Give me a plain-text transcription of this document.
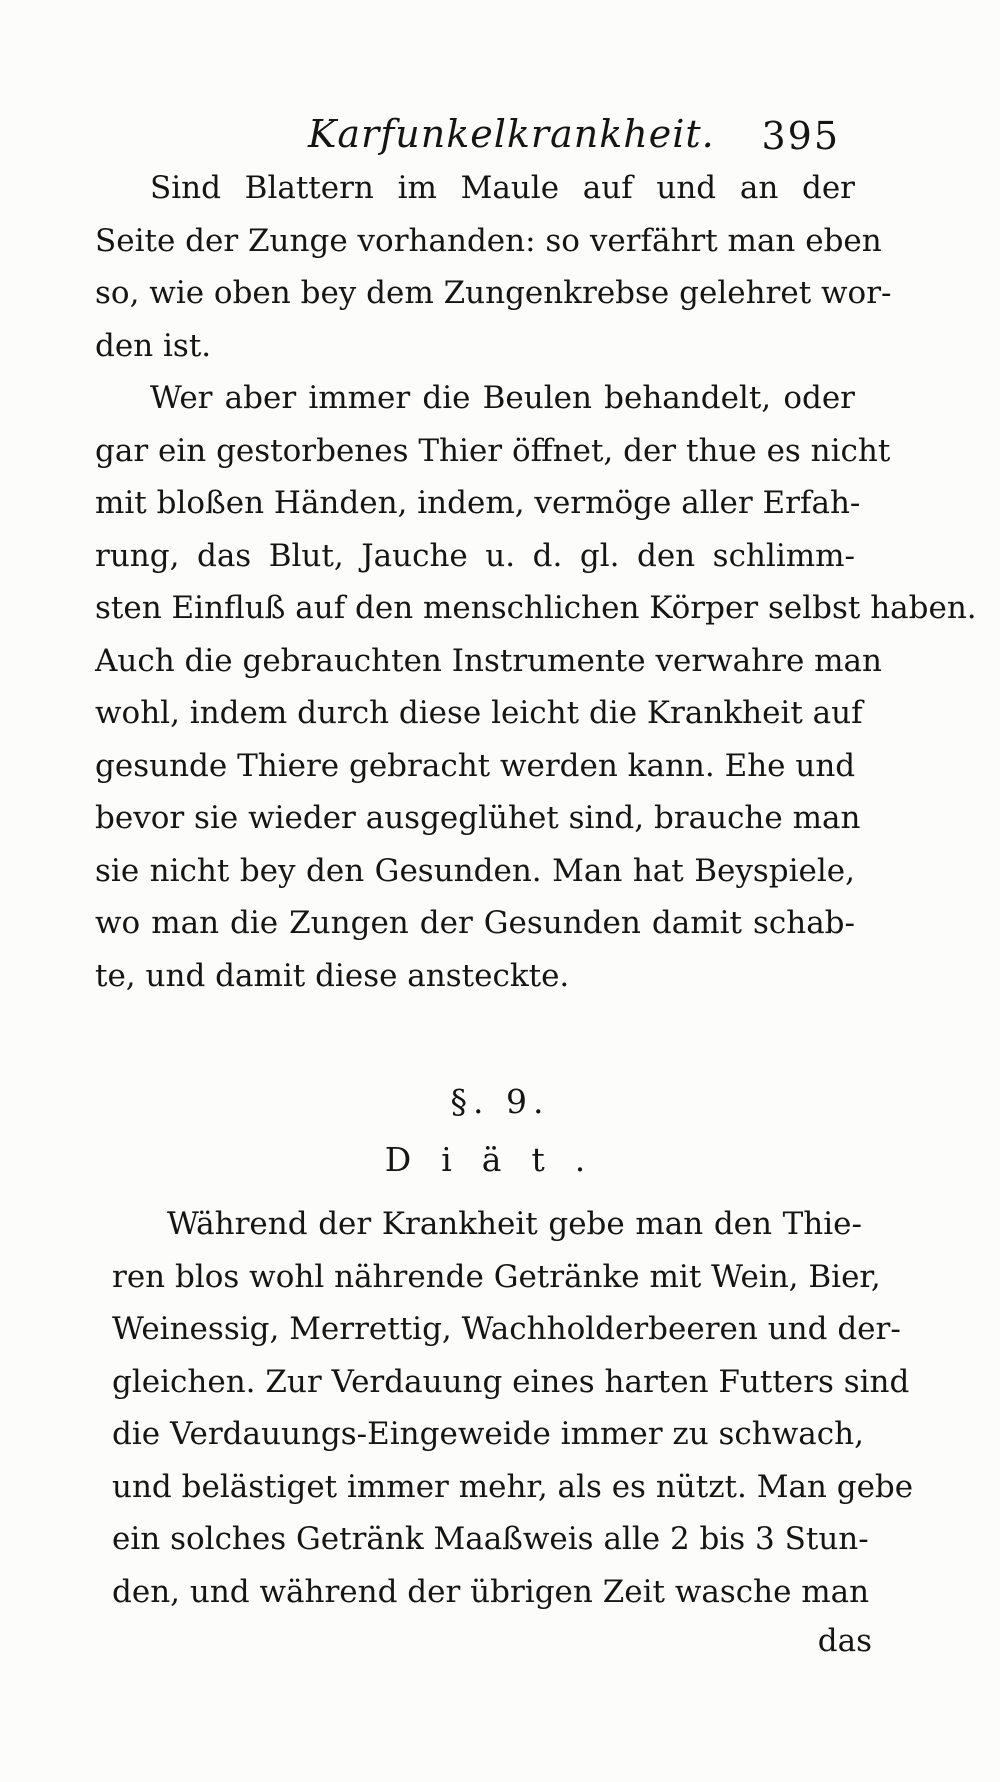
Karfunkelkrankheit. 395
Sind Blattern im Maule auf und an der
Seite der Zunge vorhanden: so verfährt man eben
so, wie oben bey dem Zungenkrebse gelehret wor-
den ist.
Wer aber immer die Beulen behandelt, oder
gar ein gestorbenes Thier öffnet, der thue es nicht
mit bloßen Händen, indem, vermöge aller Erfah-
rung, das Blut, Jauche u. d. gl. den schlimm-
sten Einfluß auf den menschlichen Körper selbst haben.
Auch die gebrauchten Instrumente verwahre man
wohl, indem durch diese leicht die Krankheit auf
gesunde Thiere gebracht werden kann. Ehe und
bevor sie wieder ausgeglühet sind, brauche man
sie nicht bey den Gesunden. Man hat Beyspiele,
wo man die Zungen der Gesunden damit schab-
te, und damit diese ansteckte.
§. 9.
Diät.
Während der Krankheit gebe man den Thie-
ren blos wohl nährende Getränke mit Wein, Bier,
Weinessig, Merrettig, Wachholderbeeren und der-
gleichen. Zur Verdauung eines harten Futters sind
die Verdauungs-Eingeweide immer zu schwach,
und belästiget immer mehr, als es nützt. Man gebe
ein solches Getränk Maaßweis alle 2 bis 3 Stun-
den, und während der übrigen Zeit wasche man
das
